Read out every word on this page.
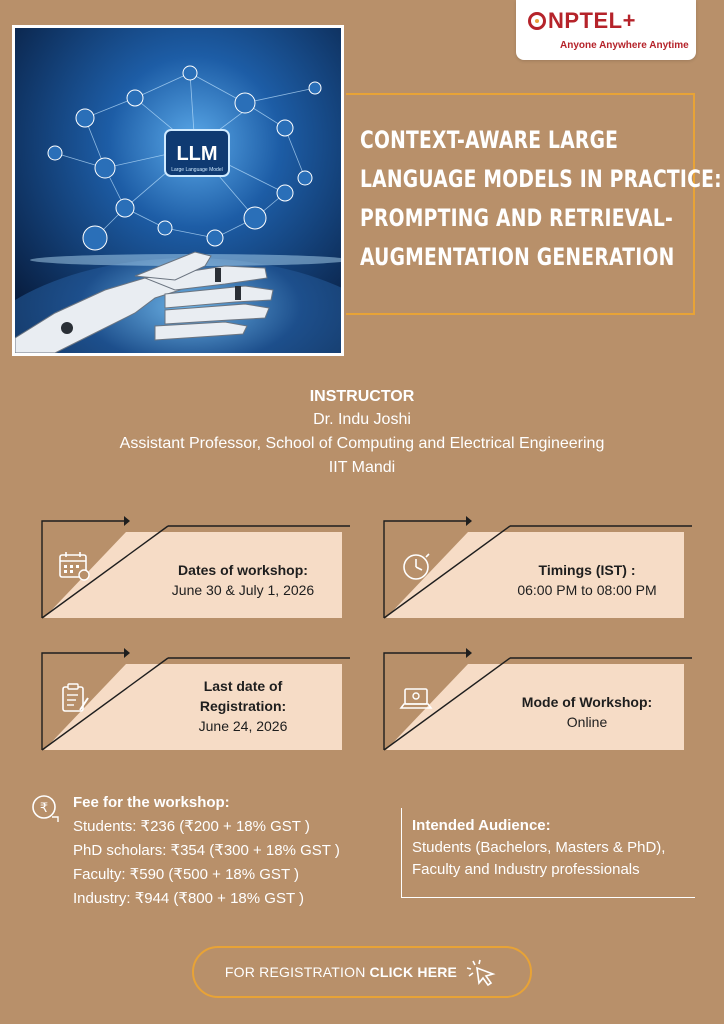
NPTEL+
Anyone Anywhere Anytime
LLM
Large Language Model
CONTEXT-AWARE LARGE
LANGUAGE MODELS IN PRACTICE:
PROMPTING AND RETRIEVAL-
AUGMENTATION GENERATION
INSTRUCTOR
Dr. Indu Joshi
Assistant Professor, School of Computing and Electrical Engineering
IIT Mandi
Dates of workshop:
June 30 & July 1, 2026
Timings (IST) :
06:00 PM to 08:00 PM
Last date of
Registration:
June 24, 2026
Mode of Workshop:
Online
₹ Fee for the workshop:
Students: ₹236 (₹200 + 18% GST )
PhD scholars: ₹354 (₹300 + 18% GST )
Faculty: ₹590 (₹500 + 18% GST )
Industry: ₹944 (₹800 + 18% GST )
Intended Audience:
Students (Bachelors, Masters & PhD),
Faculty and Industry professionals
FOR REGISTRATION CLICK HERE
